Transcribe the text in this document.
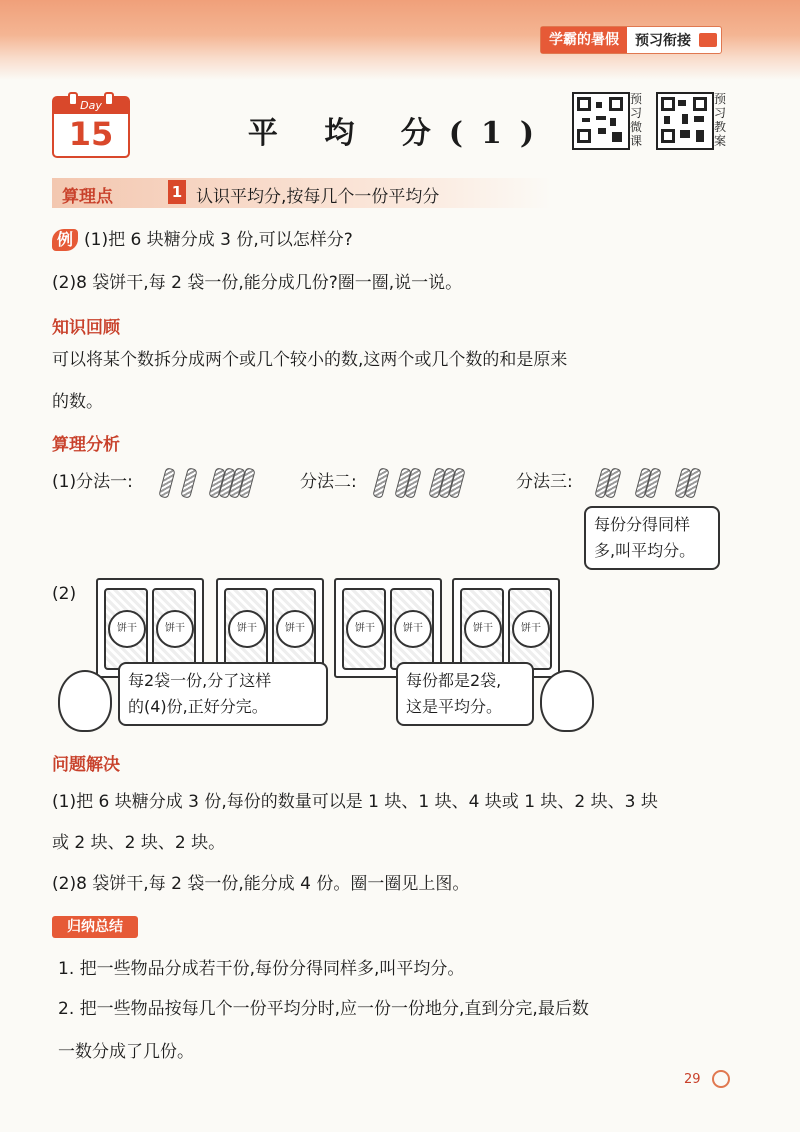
学霸的暑假	预习衔接
Day
15	平 均 分(1)
预
习
微
课
预
习
教
案
算理点	1 认识平均分,按每几个一份平均分
例 (1)把 6 块糖分成 3 份,可以怎样分?
(2)8 袋饼干,每 2 袋一份,能分成几份?圈一圈,说一说。
知识回顾
可以将某个数拆分成两个或几个较小的数,这两个或几个数的和是原来
的数。
算理分析
(1)分法一:	分法二:	分法三:
每份分得同样
多,叫平均分。
(2)
饼干	饼干	饼干	饼干	饼干	饼干	饼干	饼干
每2袋一份,分了这样
的(4)份,正好分完。
每份都是2袋,
这是平均分。
问题解决
(1)把 6 块糖分成 3 份,每份的数量可以是 1 块、1 块、4 块或 1 块、2 块、3 块
或 2 块、2 块、2 块。
(2)8 袋饼干,每 2 袋一份,能分成 4 份。圈一圈见上图。
归纳总结
1. 把一些物品分成若干份,每份分得同样多,叫平均分。
2. 把一些物品按每几个一份平均分时,应一份一份地分,直到分完,最后数
一数分成了几份。
29
